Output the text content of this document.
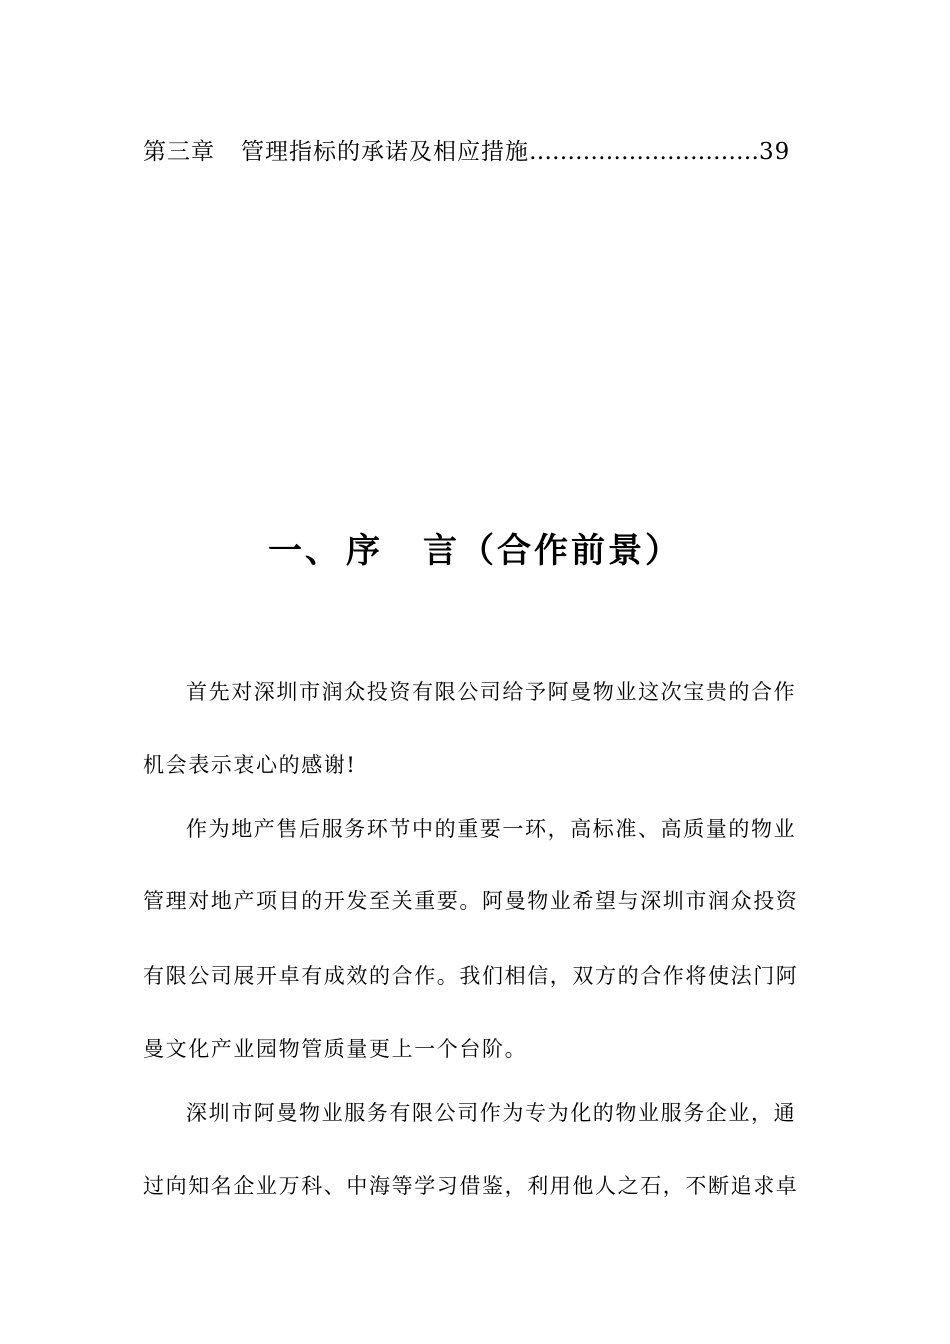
第三章 管理指标的承诺及相应措施…………………………39
一、 序 言（合作前景）
首先对深圳市润众投资有限公司给予阿曼物业这次宝贵的合作
机会表示衷心的感谢!
作为地产售后服务环节中的重要一环，高标准、高质量的物业
管理对地产项目的开发至关重要。阿曼物业希望与深圳市润众投资
有限公司展开卓有成效的合作。我们相信，双方的合作将使法门阿
曼文化产业园物管质量更上一个台阶。
深圳市阿曼物业服务有限公司作为专为化的物业服务企业，通
过向知名企业万科、中海等学习借鉴，利用他人之石，不断追求卓
